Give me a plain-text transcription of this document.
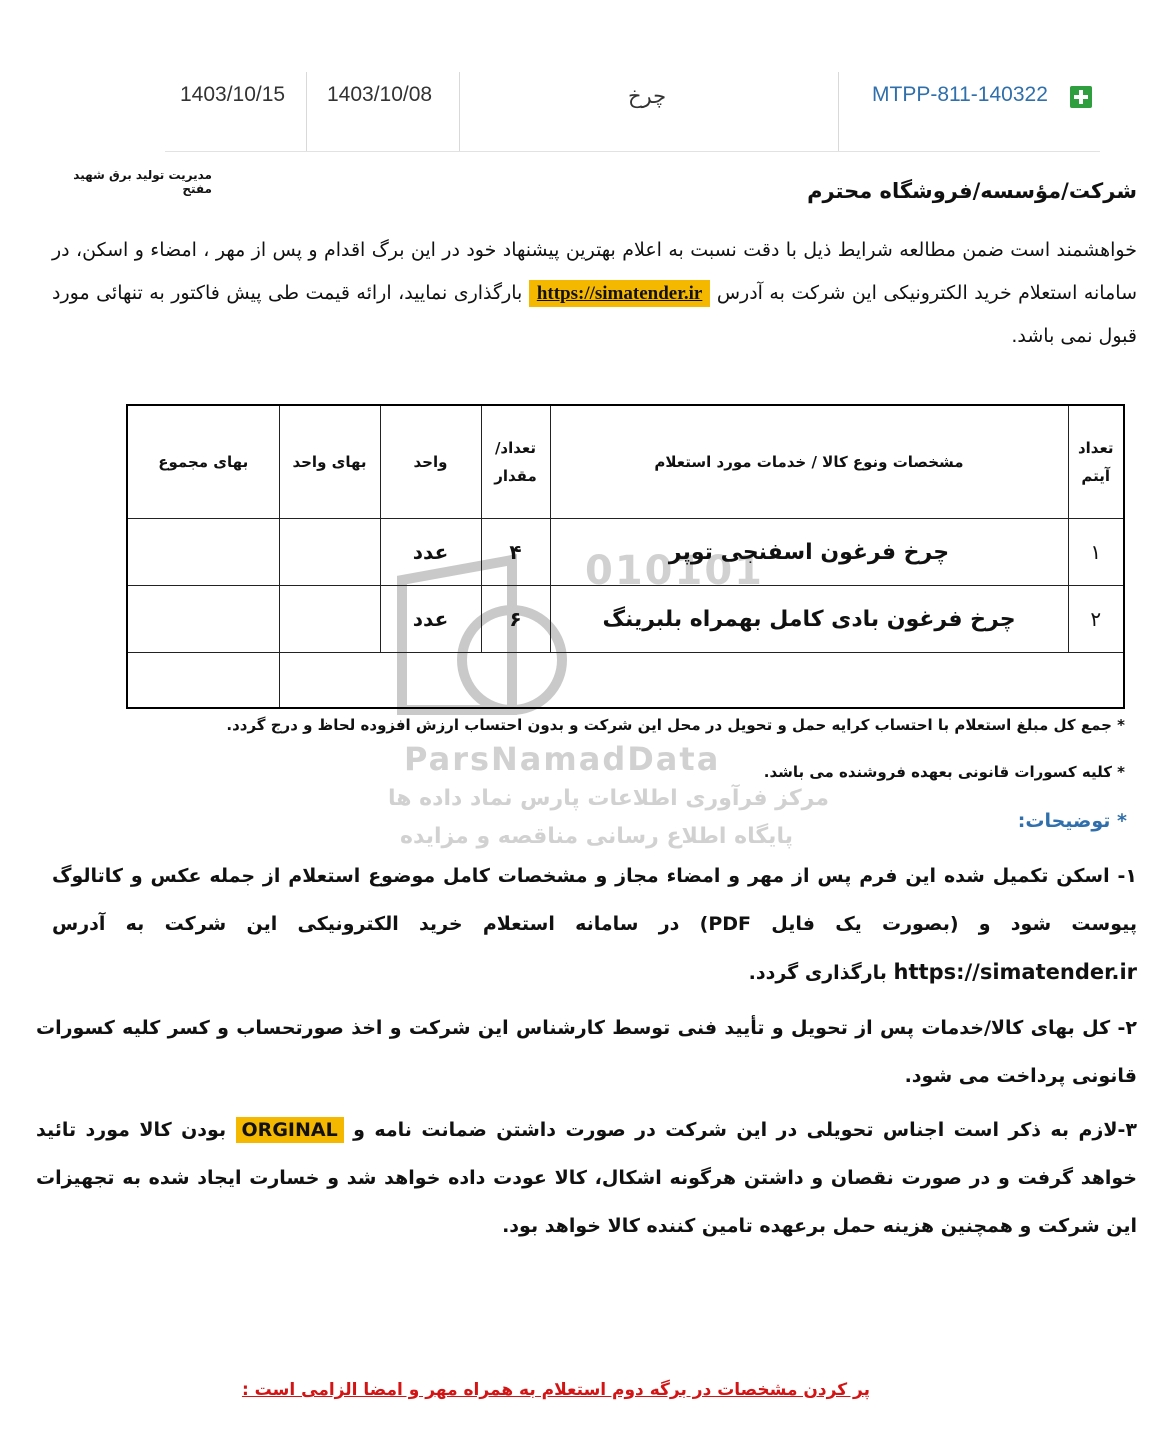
1403/10/15 1403/10/08	چرخ	MTPP-811-140322
مدیریت تولید برق شهید مفتح	شرکت/مؤسسه/فروشگاه محترم
خواهشمند است ضمن مطالعه شرایط ذیل با دقت نسبت به اعلام بهترین پیشنهاد خود در این برگ اقدام و پس از مهر ، امضاء و اسکن، در سامانه استعلام خرید الکترونیکی این شرکت به آدرس https://simatender.ir بارگذاری نمایید، ارائه قیمت طی پیش فاکتور به تنهائی مورد قبول نمی باشد.
010101
تعداد آیتم	مشخصات ونوع کالا / خدمات مورد استعلام	تعداد/ مقدار	واحد	بهای واحد	بهای مجموع
۱	چرخ فرغون اسفنجی توپر	۴	عدد		
۲	چرخ فرغون بادی کامل بهمراه بلبرینگ	۶	عدد		

* جمع کل مبلغ استعلام با احتساب کرایه حمل و تحویل در محل این شرکت و بدون احتساب ارزش افزوده لحاظ و درج گردد.
* کلیه کسورات قانونی بعهده فروشنده می باشد.
ParsNamadData
مرکز فرآوری اطلاعات پارس نماد داده ها
پایگاه اطلاع رسانی مناقصه و مزایده
* توضیحات:
۱- اسکن تکمیل شده این فرم پس از مهر و امضاء مجاز و مشخصات کامل موضوع استعلام از جمله عکس و کاتالوگ پیوست شود و (بصورت یک فایل PDF) در سامانه استعلام خرید الکترونیکی این شرکت به آدرس https://simatender.ir بارگذاری گردد.
۲- کل بهای کالا/خدمات پس از تحویل و تأیید فنی توسط کارشناس این شرکت و اخذ صورتحساب و کسر کلیه کسورات قانونی پرداخت می شود.
۳-لازم به ذکر است اجناس تحویلی در این شرکت در صورت داشتن ضمانت نامه و ORGINAL بودن کالا مورد تائید خواهد گرفت و در صورت نقصان و داشتن هرگونه اشکال، کالا عودت داده خواهد شد و خسارت ایجاد شده به تجهیزات این شرکت و همچنین هزینه حمل برعهده تامین کننده کالا خواهد بود.
پر کردن مشخصات در برگه دوم استعلام به همراه مهر و امضا الزامی است :
